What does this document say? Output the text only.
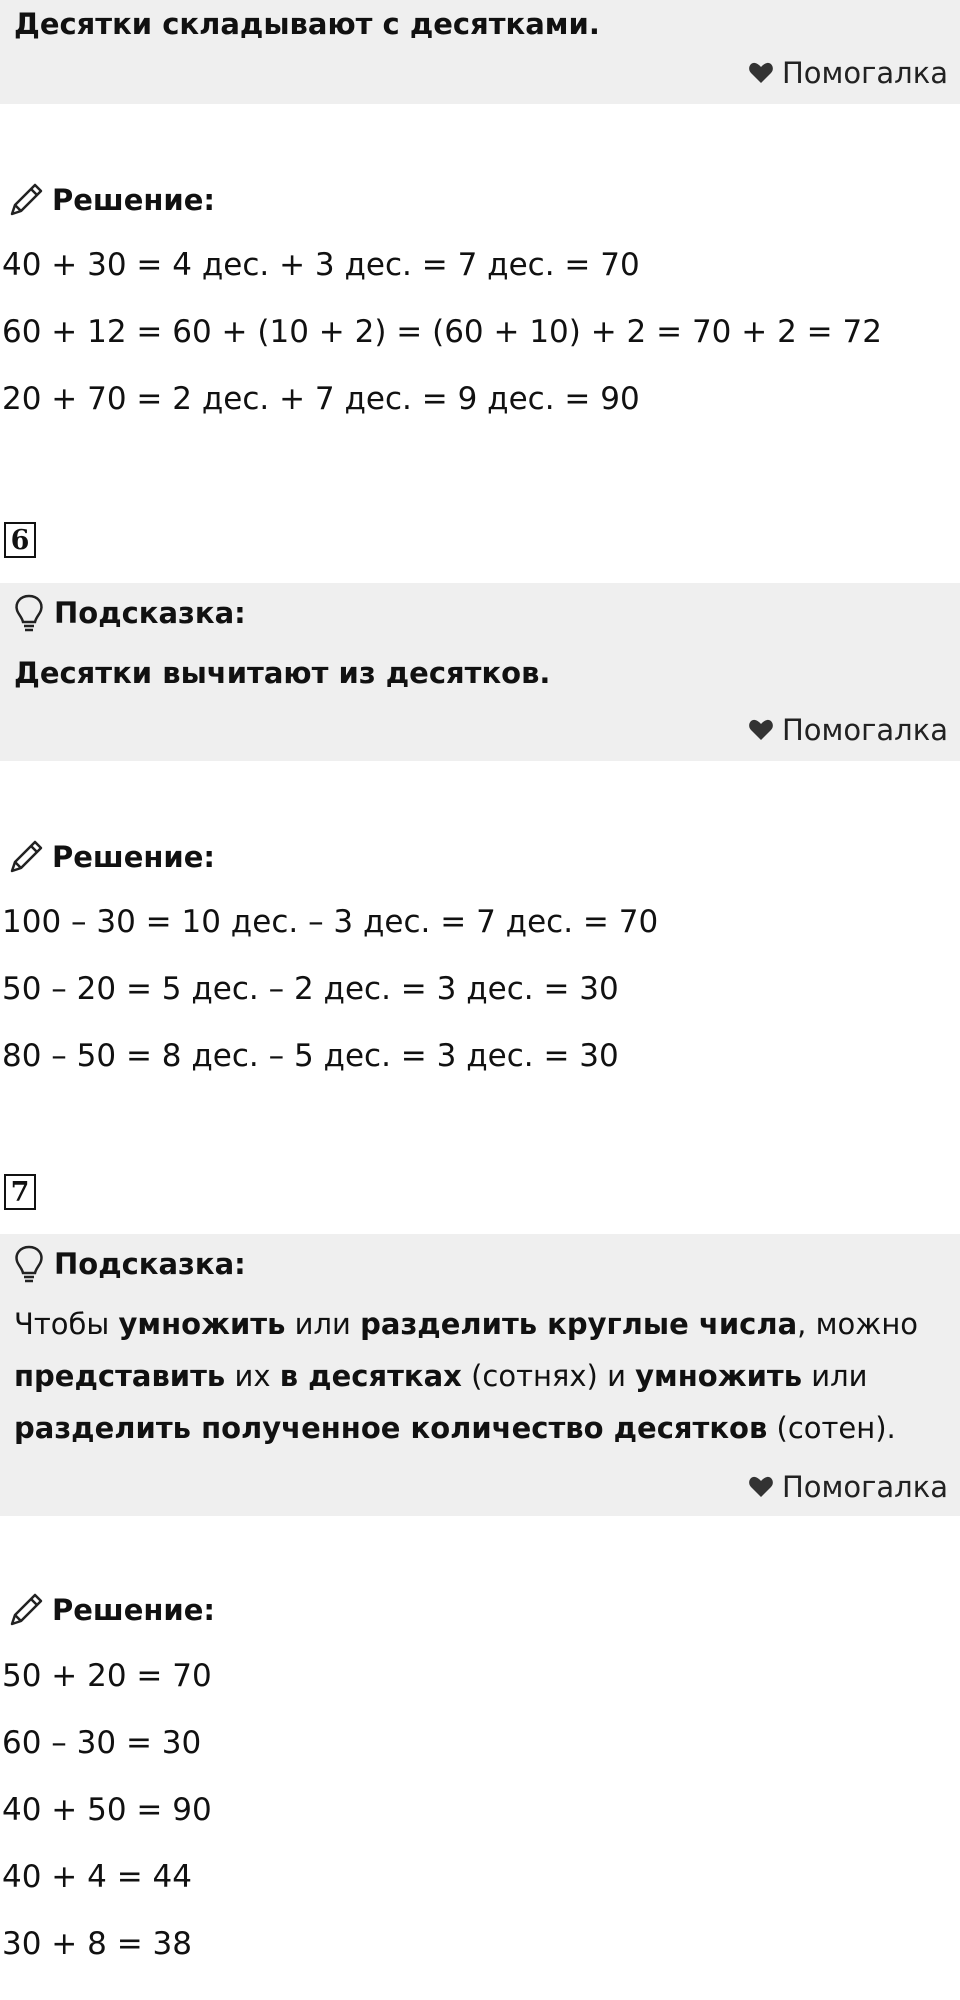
Десятки складывают с десятками.
Помогалка
Решение:
40 + 30 = 4 дес. + 3 дес. = 7 дес. = 70
60 + 12 = 60 + (10 + 2) = (60 + 10) + 2 = 70 + 2 = 72
20 + 70 = 2 дес. + 7 дес. = 9 дес. = 90
6
Подсказка:
Десятки вычитают из десятков.
Помогалка
Решение:
100 – 30 = 10 дес. – 3 дес. = 7 дес. = 70
50 – 20 = 5 дес. – 2 дес. = 3 дес. = 30
80 – 50 = 8 дес. – 5 дес. = 3 дес. = 30
7
Подсказка:
Чтобы умножить или разделить круглые числа, можно представить их в десятках (сотнях) и умножить или разделить полученное количество десятков (сотен).
Помогалка
Решение:
50 + 20 = 70
60 – 30 = 30
40 + 50 = 90
40 + 4 = 44
30 + 8 = 38
